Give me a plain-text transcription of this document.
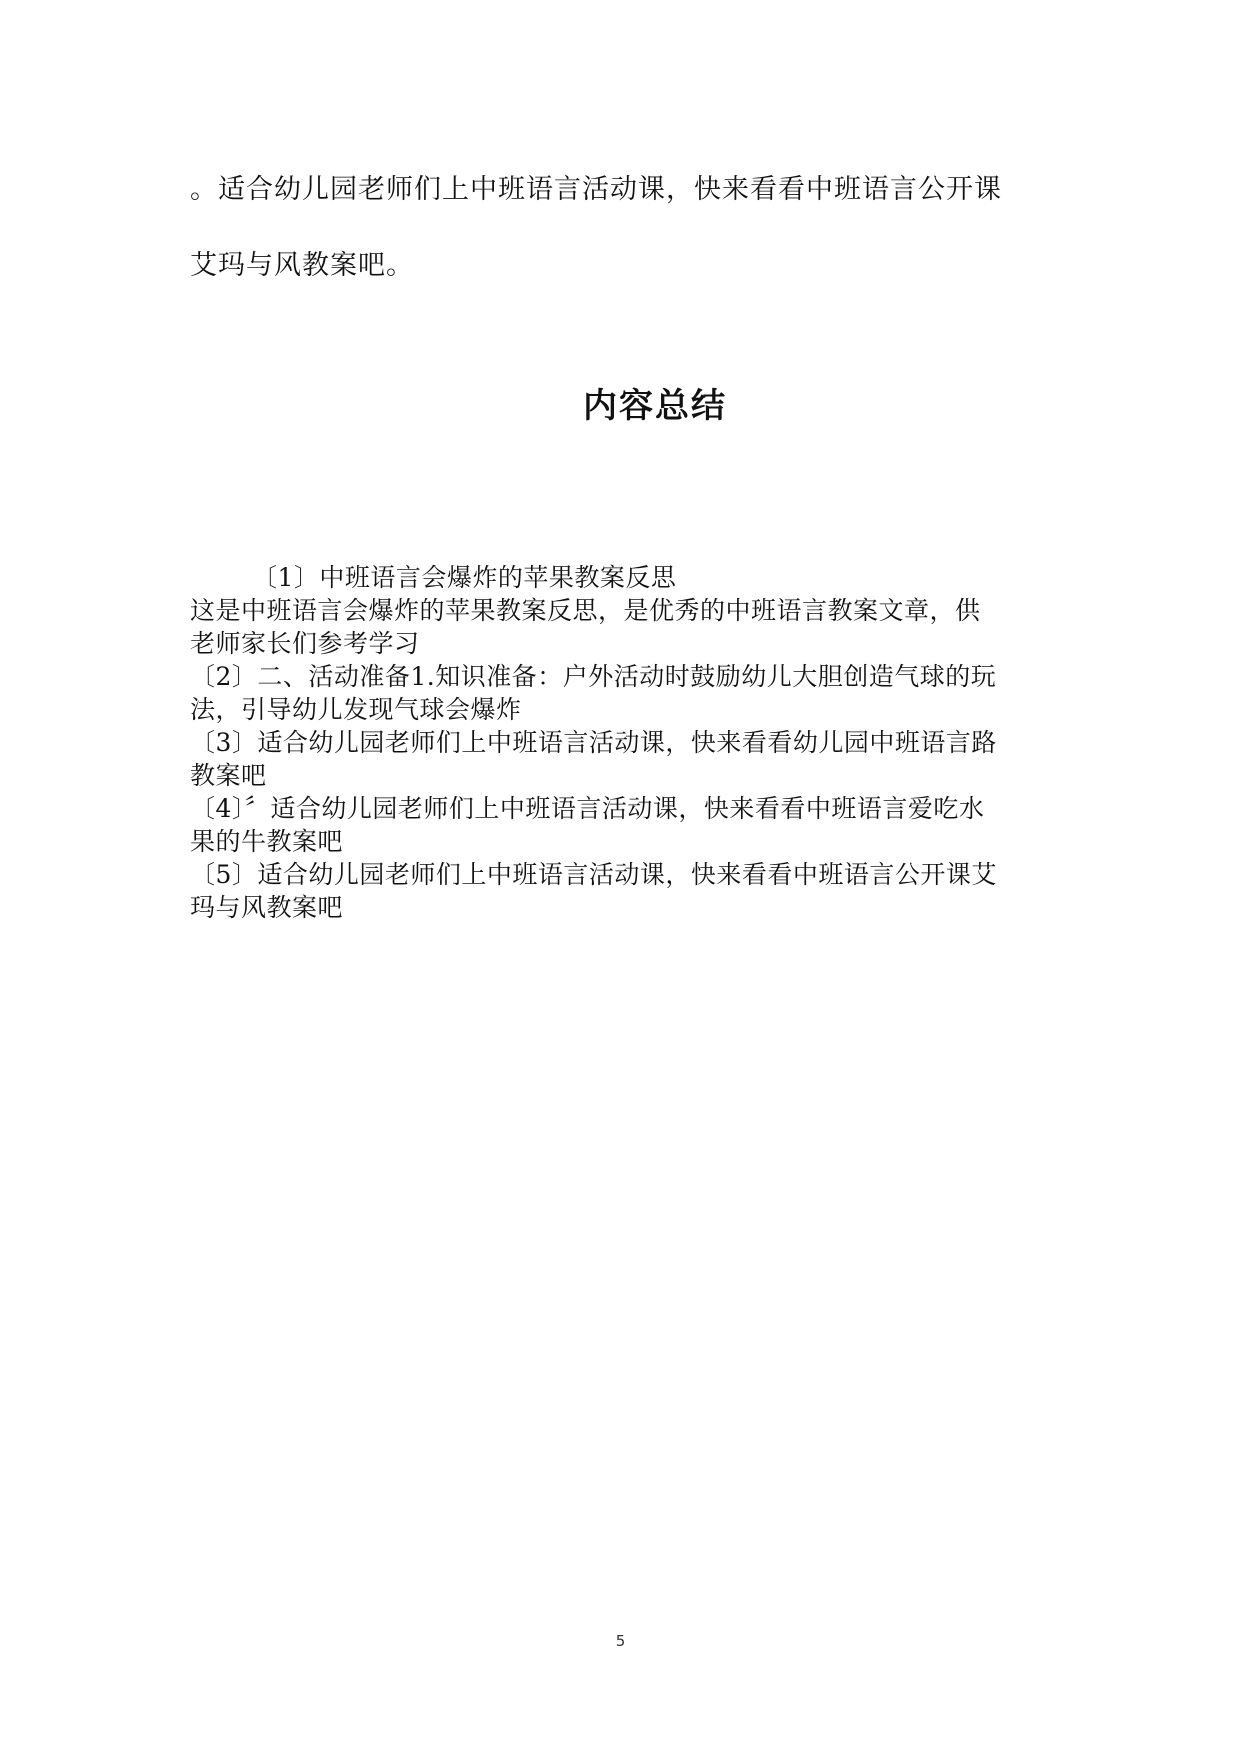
。适合幼儿园老师们上中班语言活动课，快来看看中班语言公开课
艾玛与风教案吧。

内容总结
〔1〕中班语言会爆炸的苹果教案反思
这是中班语言会爆炸的苹果教案反思，是优秀的中班语言教案文章，供
老师家长们参考学习
〔2〕二、活动准备1.知识准备：户外活动时鼓励幼儿大胆创造气球的玩
法，引导幼儿发现气球会爆炸
〔3〕适合幼儿园老师们上中班语言活动课，快来看看幼儿园中班语言路
教案吧
〔4〕〞适合幼儿园老师们上中班语言活动课，快来看看中班语言爱吃水
果的牛教案吧
〔5〕适合幼儿园老师们上中班语言活动课，快来看看中班语言公开课艾
玛与风教案吧
5
